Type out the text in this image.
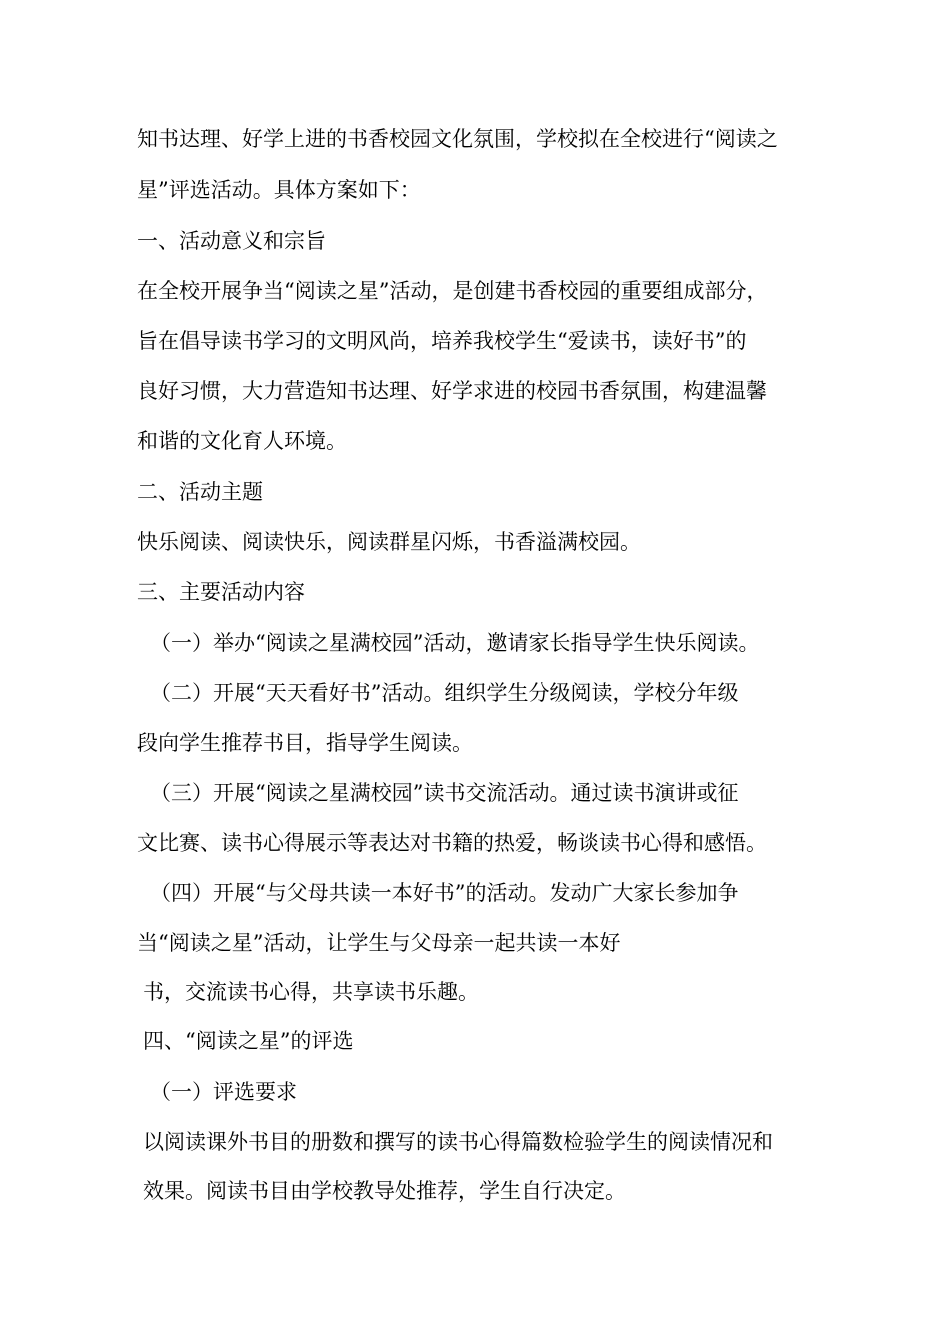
知书达理、好学上进的书香校园文化氛围，学校拟在全校进行“阅读之

星”评选活动。具体方案如下：

一、活动意义和宗旨

在全校开展争当“阅读之星”活动，是创建书香校园的重要组成部分，

旨在倡导读书学习的文明风尚，培养我校学生“爱读书，读好书”的

良好习惯，大力营造知书达理、好学求进的校园书香氛围，构建温馨

和谐的文化育人环境。

二、活动主题

快乐阅读、阅读快乐，阅读群星闪烁，书香溢满校园。

三、主要活动内容

（一）举办“阅读之星满校园”活动，邀请家长指导学生快乐阅读。

（二）开展“天天看好书”活动。组织学生分级阅读，学校分年级

段向学生推荐书目，指导学生阅读。

（三）开展“阅读之星满校园”读书交流活动。通过读书演讲或征

文比赛、读书心得展示等表达对书籍的热爱，畅谈读书心得和感悟。

（四）开展“与父母共读一本好书”的活动。发动广大家长参加争

当“阅读之星”活动，让学生与父母亲一起共读一本好

书，交流读书心得，共享读书乐趣。

四、“阅读之星”的评选

（一）评选要求

以阅读课外书目的册数和撰写的读书心得篇数检验学生的阅读情况和

效果。阅读书目由学校教导处推荐，学生自行决定。
